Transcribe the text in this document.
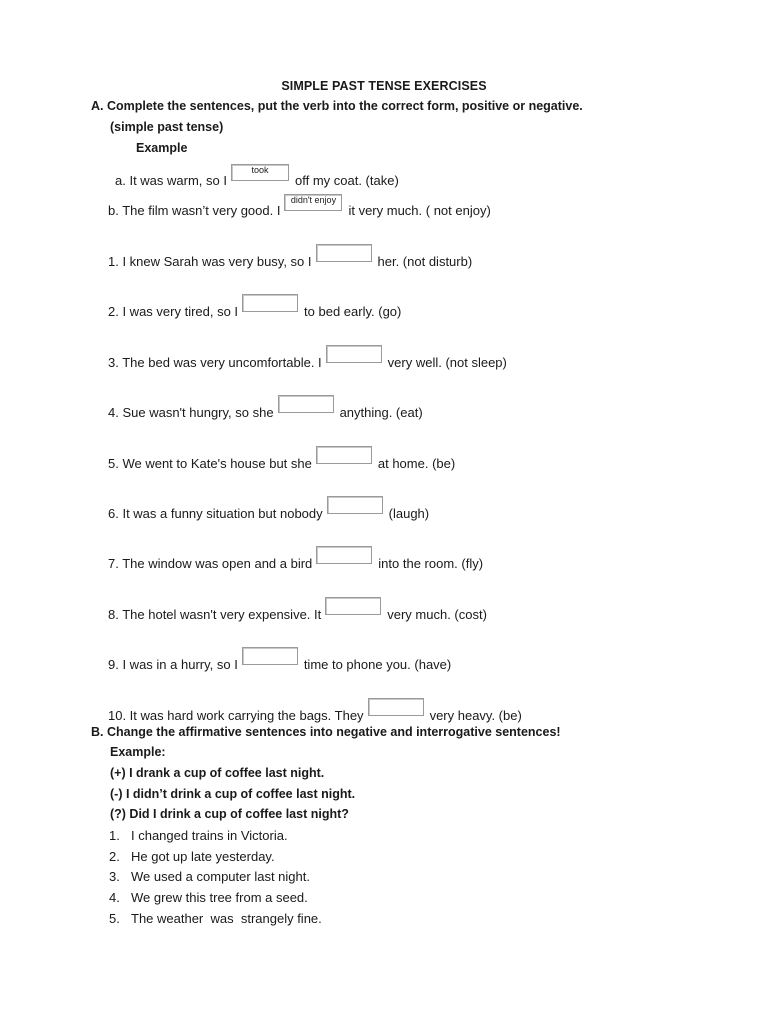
SIMPLE PAST TENSE EXERCISES
A. Complete the sentences, put the verb into the correct form, positive or negative.
(simple past tense)
Example
a. It was warm, so I
took
off my coat. (take)
b. The film wasn’t very good. I
didn't enjoy
it very much. ( not enjoy)
1. I knew Sarah was very busy, so I	her. (not disturb)
2. I was very tired, so I	to bed early. (go)
3. The bed was very uncomfortable. I	very well. (not sleep)
4. Sue wasn't hungry, so she	anything. (eat)
5. We went to Kate's house but she	at home. (be)
6. It was a funny situation but nobody	(laugh)
7. The window was open and a bird	into the room. (fly)
8. The hotel wasn't very expensive. It	very much. (cost)
9. I was in a hurry, so I	time to phone you. (have)
10. It was hard work carrying the bags. They	very heavy. (be)
B. Change the affirmative sentences into negative and interrogative sentences!
Example:
(+) I drank a cup of coffee last night.
(-) I didn’t drink a cup of coffee last night.
(?) Did I drink a cup of coffee last night?
1. I changed trains in Victoria.
2. He got up late yesterday.
3. We used a computer last night.
4. We grew this tree from a seed.
5. The weather  was  strangely fine.
